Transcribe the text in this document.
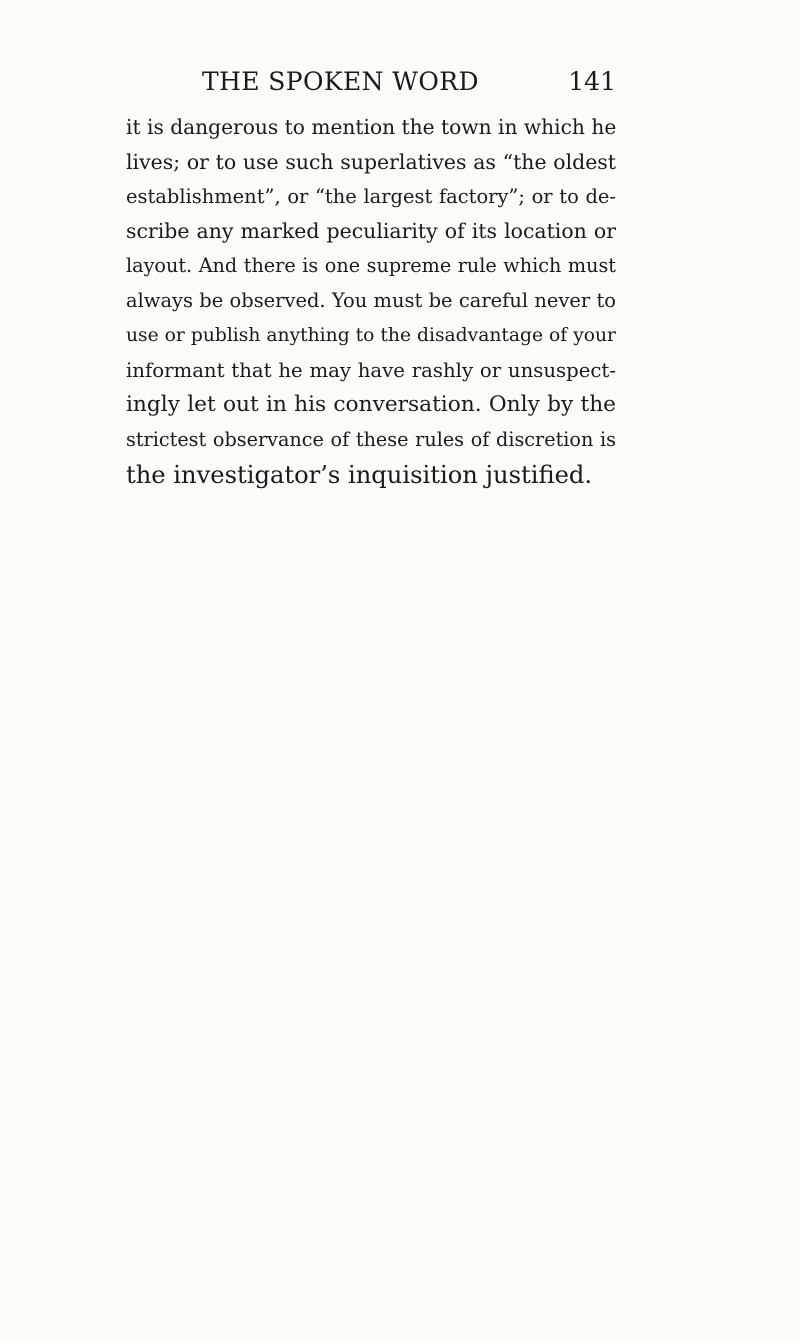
THE SPOKEN WORD	141
it is dangerous to mention the town in which he
lives; or to use such superlatives as “the oldest
establishment”, or “the largest factory”; or to de-
scribe any marked peculiarity of its location or
layout. And there is one supreme rule which must
always be observed. You must be careful never to
use or publish anything to the disadvantage of your
informant that he may have rashly or unsuspect-
ingly let out in his conversation. Only by the
strictest observance of these rules of discretion is
the investigator’s inquisition justified.
